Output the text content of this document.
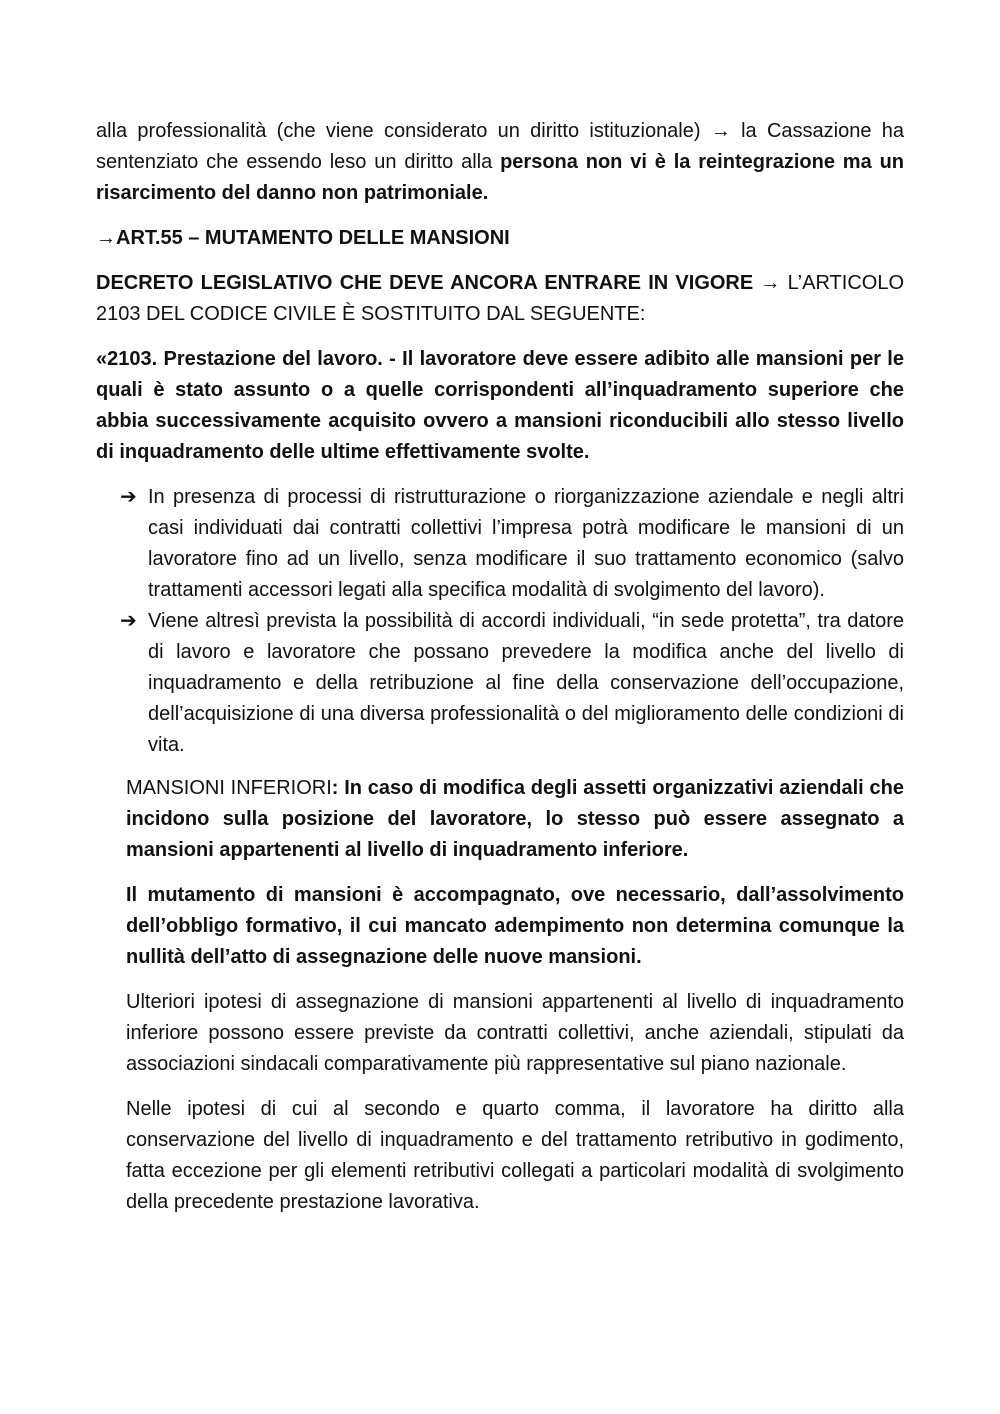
alla professionalità (che viene considerato un diritto istituzionale) → la Cassazione ha sentenziato che essendo leso un diritto alla persona non vi è la reintegrazione ma un risarcimento del danno non patrimoniale.

→ART.55 – MUTAMENTO DELLE MANSIONI

DECRETO LEGISLATIVO CHE DEVE ANCORA ENTRARE IN VIGORE → L’ARTICOLO 2103 DEL CODICE CIVILE È SOSTITUITO DAL SEGUENTE:

«2103. Prestazione del lavoro. - Il lavoratore deve essere adibito alle mansioni per le quali è stato assunto o a quelle corrispondenti all’inquadramento superiore che abbia successivamente acquisito ovvero a mansioni riconducibili allo stesso livello di inquadramento delle ultime effettivamente svolte.

➔ In presenza di processi di ristrutturazione o riorganizzazione aziendale e negli altri casi individuati dai contratti collettivi l’impresa potrà modificare le mansioni di un lavoratore fino ad un livello, senza modificare il suo trattamento economico (salvo trattamenti accessori legati alla specifica modalità di svolgimento del lavoro).
➔ Viene altresì prevista la possibilità di accordi individuali, “in sede protetta”, tra datore di lavoro e lavoratore che possano prevedere la modifica anche del livello di inquadramento e della retribuzione al fine della conservazione dell’occupazione, dell’acquisizione di una diversa professionalità o del miglioramento delle condizioni di vita.

MANSIONI INFERIORI: In caso di modifica degli assetti organizzativi aziendali che incidono sulla posizione del lavoratore, lo stesso può essere assegnato a mansioni appartenenti al livello di inquadramento inferiore.

Il mutamento di mansioni è accompagnato, ove necessario, dall’assolvimento dell’obbligo formativo, il cui mancato adempimento non determina comunque la nullità dell’atto di assegnazione delle nuove mansioni.

Ulteriori ipotesi di assegnazione di mansioni appartenenti al livello di inquadramento inferiore possono essere previste da contratti collettivi, anche aziendali, stipulati da associazioni sindacali comparativamente più rappresentative sul piano nazionale.

Nelle ipotesi di cui al secondo e quarto comma, il lavoratore ha diritto alla conservazione del livello di inquadramento e del trattamento retributivo in godimento, fatta eccezione per gli elementi retributivi collegati a particolari modalità di svolgimento della precedente prestazione lavorativa.
